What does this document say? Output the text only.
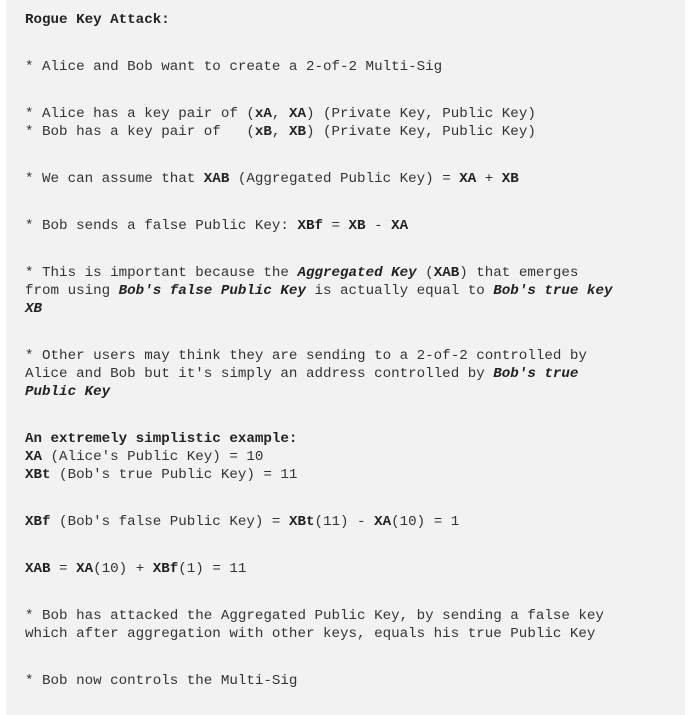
Rogue Key Attack:
* Alice and Bob want to create a 2-of-2 Multi-Sig
* Alice has a key pair of (xA, XA) (Private Key, Public Key)
* Bob has a key pair of   (xB, XB) (Private Key, Public Key)
* We can assume that XAB (Aggregated Public Key) = XA + XB
* Bob sends a false Public Key: XBf = XB - XA
* This is important because the Aggregated Key (XAB) that emerges
from using Bob's false Public Key is actually equal to Bob's true key
XB
* Other users may think they are sending to a 2-of-2 controlled by
Alice and Bob but it's simply an address controlled by Bob's true
Public Key
An extremely simplistic example:
XA (Alice's Public Key) = 10
XBt (Bob's true Public Key) = 11
XBf (Bob's false Public Key) = XBt(11) - XA(10) = 1
XAB = XA(10) + XBf(1) = 11
* Bob has attacked the Aggregated Public Key, by sending a false key
which after aggregation with other keys, equals his true Public Key
* Bob now controls the Multi-Sig
